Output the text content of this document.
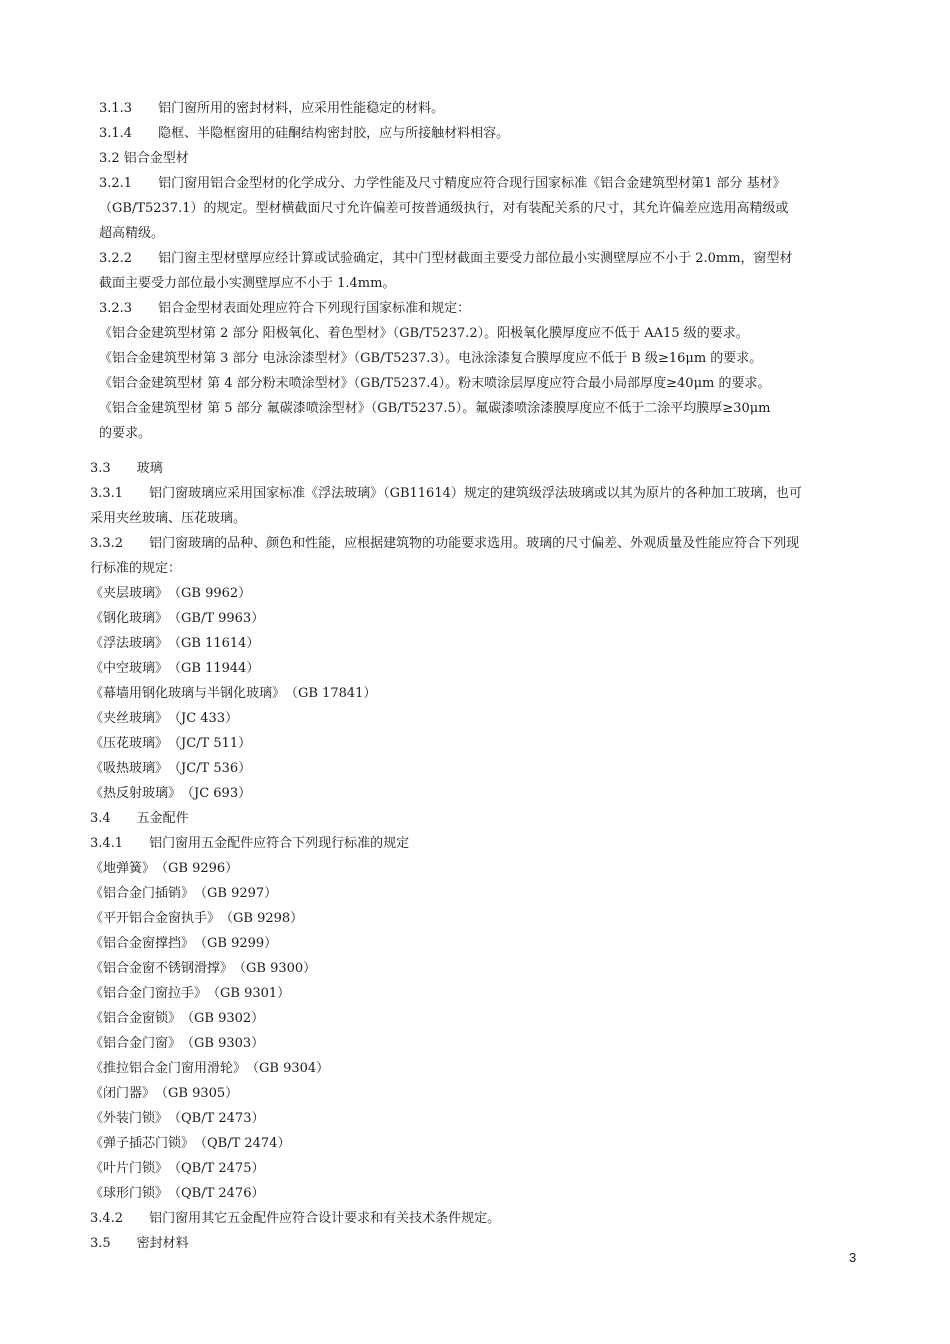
3.1.3　　铝门窗所用的密封材料，应采用性能稳定的材料。
3.1.4　　隐框、半隐框窗用的硅酮结构密封胶，应与所接触材料相容。
3.2 铝合金型材
3.2.1　　铝门窗用铝合金型材的化学成分、力学性能及尺寸精度应符合现行国家标准《铝合金建筑型材第1 部分 基材》
（GB/T5237.1）的规定。型材横截面尺寸允许偏差可按普通级执行，对有装配关系的尺寸，其允许偏差应选用高精级或
超高精级。
3.2.2　　铝门窗主型材壁厚应经计算或试验确定，其中门型材截面主要受力部位最小实测壁厚应不小于 2.0mm，窗型材
截面主要受力部位最小实测壁厚应不小于 1.4mm。
3.2.3　　铝合金型材表面处理应符合下列现行国家标准和规定：
《铝合金建筑型材第 2 部分 阳极氧化、着色型材》（GB/T5237.2）。阳极氧化膜厚度应不低于 AA15 级的要求。
《铝合金建筑型材第 3 部分 电泳涂漆型材》（GB/T5237.3）。电泳涂漆复合膜厚度应不低于 B 级≥16μm 的要求。
《铝合金建筑型材 第 4 部分粉末喷涂型材》（GB/T5237.4）。粉末喷涂层厚度应符合最小局部厚度≥40μm 的要求。
《铝合金建筑型材 第 5 部分 氟碳漆喷涂型材》（GB/T5237.5）。氟碳漆喷涂漆膜厚度应不低于二涂平均膜厚≥30μm
的要求。
3.3　　玻璃
3.3.1　　铝门窗玻璃应采用国家标准《浮法玻璃》（GB11614）规定的建筑级浮法玻璃或以其为原片的各种加工玻璃，也可
采用夹丝玻璃、压花玻璃。
3.3.2　　铝门窗玻璃的品种、颜色和性能，应根据建筑物的功能要求选用。玻璃的尺寸偏差、外观质量及性能应符合下列现
行标准的规定：
《夹层玻璃》　（GB 9962）
《钢化玻璃》　（GB/T 9963）
《浮法玻璃》　（GB 11614）
《中空玻璃》　（GB 11944）
《幕墙用钢化玻璃与半钢化玻璃》　（GB 17841）
《夹丝玻璃》　（JC 433）
《压花玻璃》　（JC/T 511）
《吸热玻璃》　（JC/T 536）
《热反射玻璃》　（JC 693）
3.4　　五金配件
3.4.1　　铝门窗用五金配件应符合下列现行标准的规定
《地弹簧》　（GB 9296）
《铝合金门插销》　（GB 9297）
《平开铝合金窗执手》　（GB 9298）
《铝合金窗撑挡》　（GB 9299）
《铝合金窗不锈钢滑撑》　（GB 9300）
《铝合金门窗拉手》　（GB 9301）
《铝合金窗锁》　（GB 9302）
《铝合金门窗》　（GB 9303）
《推拉铝合金门窗用滑轮》　（GB 9304）
《闭门器》　（GB 9305）
《外装门锁》　（QB/T 2473）
《弹子插芯门锁》　（QB/T 2474）
《叶片门锁》　（QB/T 2475）
《球形门锁》　（QB/T 2476）
3.4.2　　铝门窗用其它五金配件应符合设计要求和有关技术条件规定。
3.5　　密封材料
3
